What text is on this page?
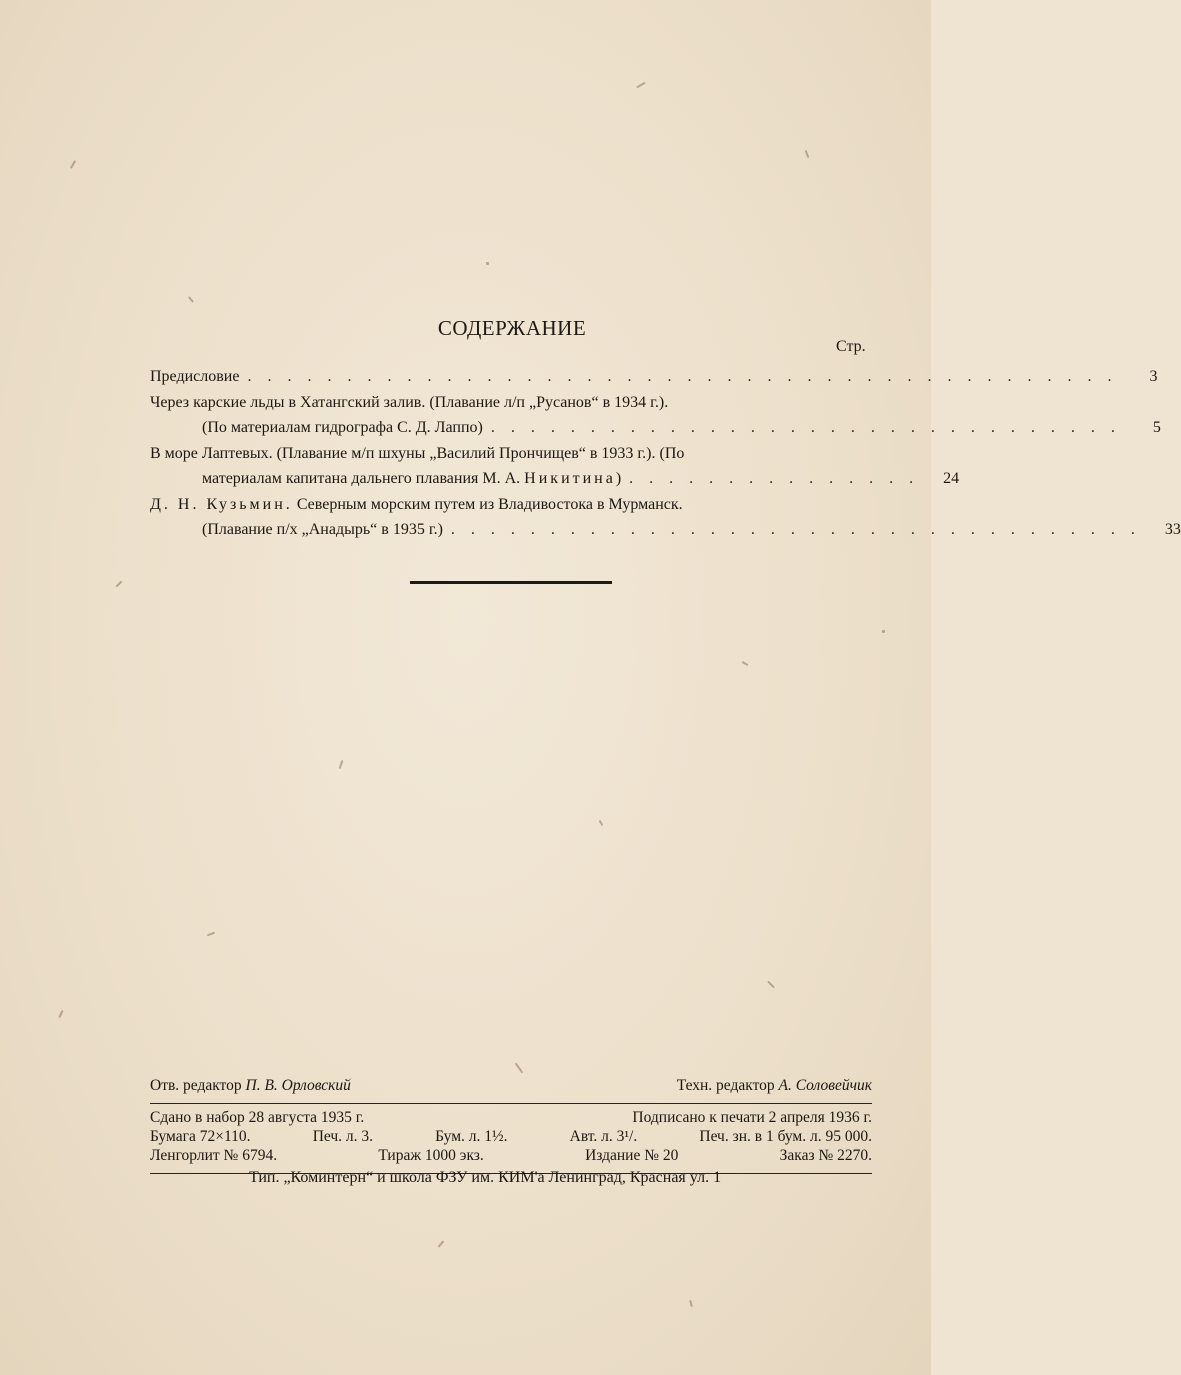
СОДЕРЖАНИЕ
Стр.
Предисловие . . . . . . . . . . . . . . . . . . . . . . . . . . . . . . . . . . . . . . . . . . . .	3
Через карские льды в Хатангский залив. (Плавание л/п „Русанов“ в 1934 г.).
(По материалам гидрографа С. Д. Лаппо) . . . . . . . . . . . . . . . . . . . . . . . . . . . . . . . .	5
В море Лаптевых. (Плавание м/п шхуны „Василий Прончищев“ в 1933 г.). (По
материалам капитана дальнего плавания М. А. Никитина) . . . . . . . . . . . . . . .	24
Д. Н. Кузьмин. Северным морским путем из Владивостока в Мурманск.
(Плавание п/х „Анадырь“ в 1935 г.) . . . . . . . . . . . . . . . . . . . . . . . . . . . . . . . . . . .	33
Отв. редактор П. В. Орловский	Техн. редактор А. Соловейчик
Сдано в набор 28 августа 1935 г.	Подписано к печати 2 апреля 1936 г.
Бумага 72×110.	Печ. л. 3.	Бум. л. 1½.	Авт. л. 3¹/.	Печ. зн. в 1 бум. л. 95 000.
Ленгорлит № 6794.	Тираж 1000 экз.	Издание № 20	Заказ № 2270.
Тип. „Коминтерн“ и школа ФЗУ им. КИМ'а Ленинград, Красная ул. 1
